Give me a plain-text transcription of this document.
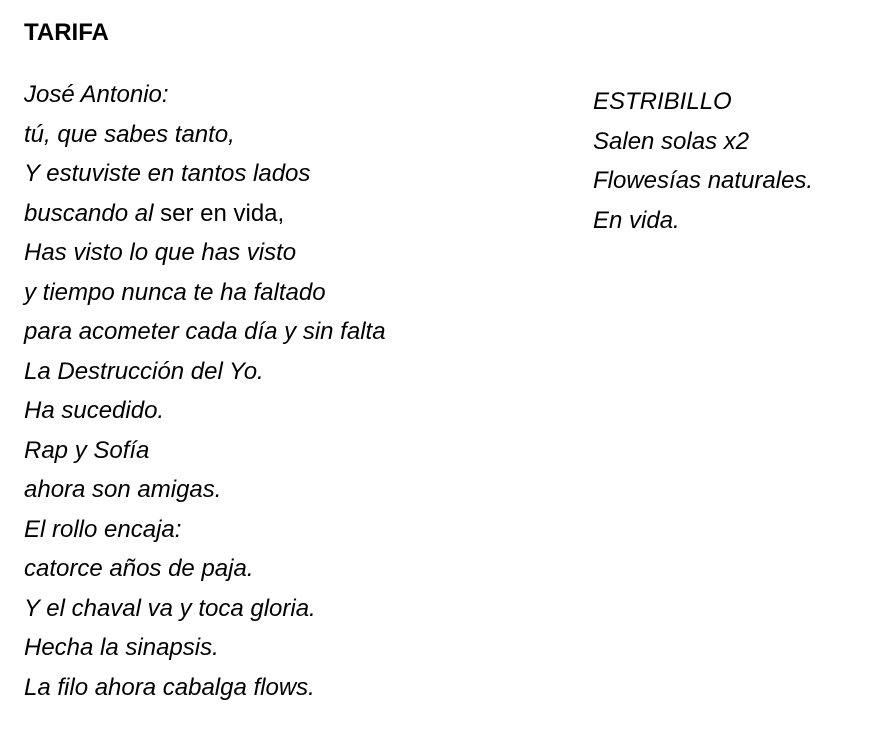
TARIFA
José Antonio:
tú, que sabes tanto,
Y estuviste en tantos lados
buscando al ser en vida,
Has visto lo que has visto
y tiempo nunca te ha faltado
para acometer cada día y sin falta
La Destrucción del Yo.
Ha sucedido.
Rap y Sofía
ahora son amigas.
El rollo encaja:
catorce años de paja.
Y el chaval va y toca gloria.
Hecha la sinapsis.
La filo ahora cabalga flows.
ESTRIBILLO
Salen solas x2
Flowesías naturales.
En vida.
